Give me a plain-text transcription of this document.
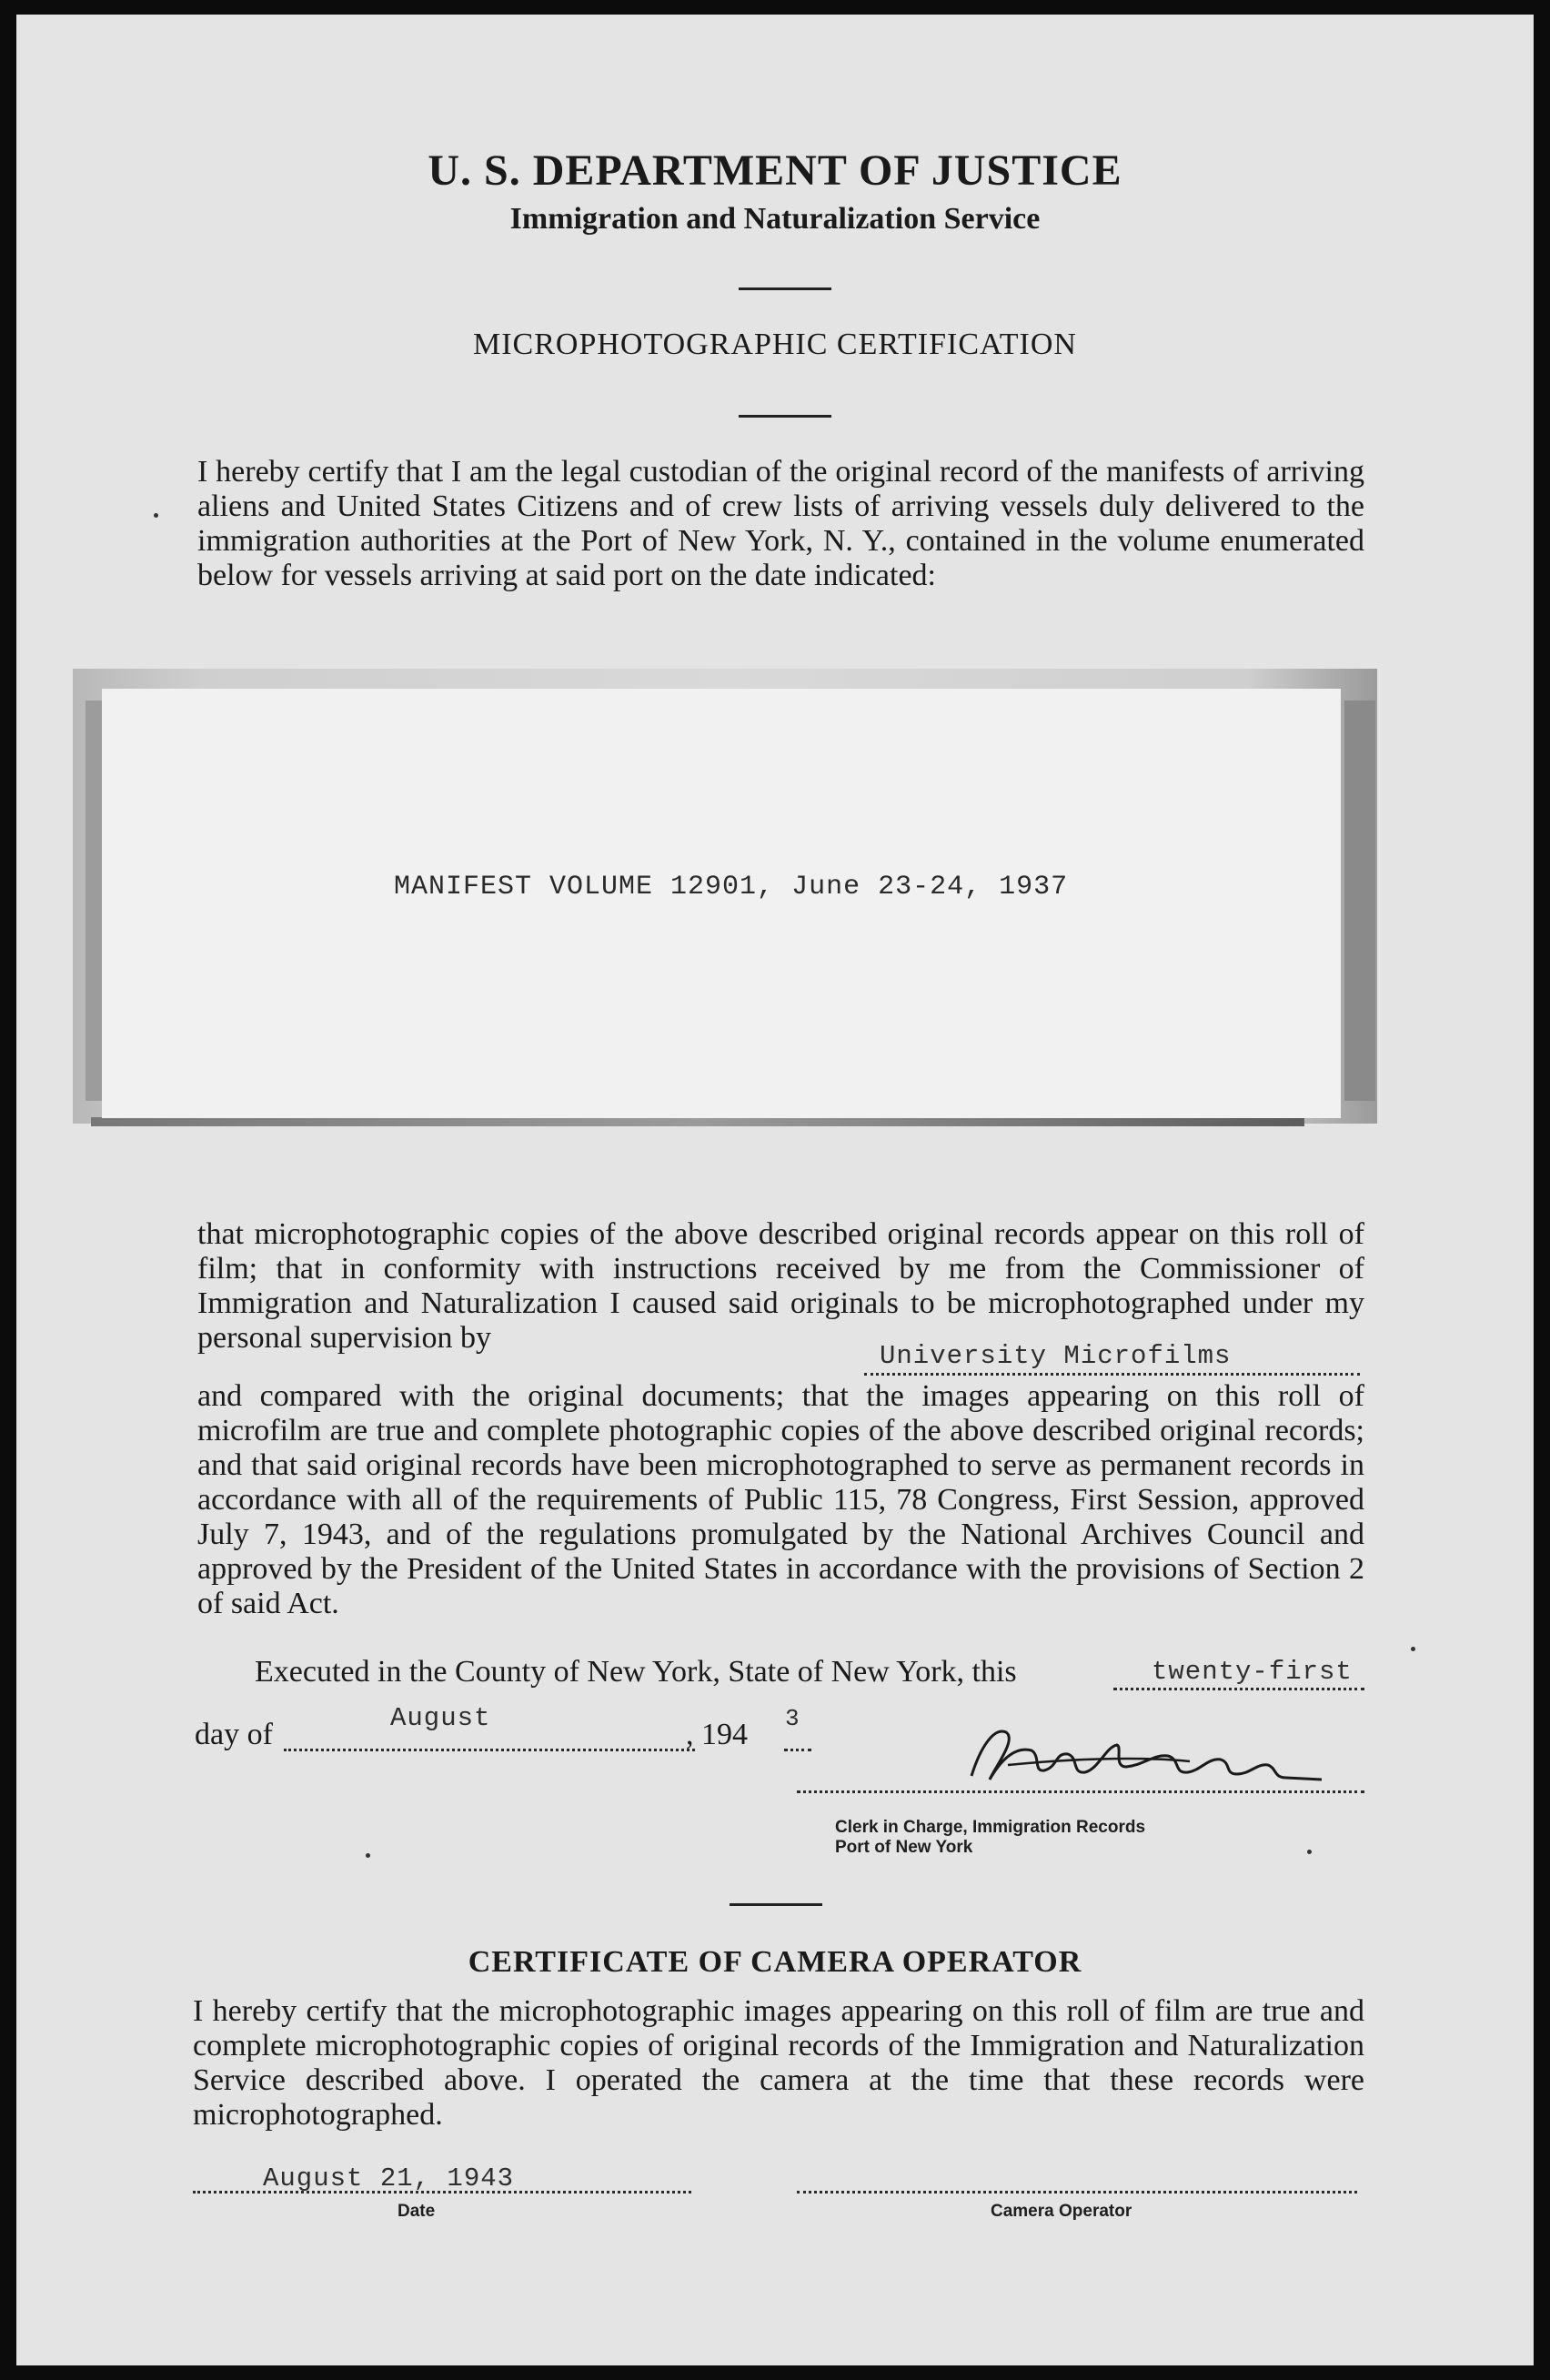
U. S. DEPARTMENT OF JUSTICE
Immigration and Naturalization Service
MICROPHOTOGRAPHIC CERTIFICATION
I hereby certify that I am the legal custodian of the original record of the manifests of arriving aliens and United States Citizens and of crew lists of arriving vessels duly delivered to the immigration authorities at the Port of New York, N. Y., contained in the volume enumerated below for vessels arriving at said port on the date indicated:
MANIFEST VOLUME 12901, June 23-24, 1937
that microphotographic copies of the above described original records appear on this roll of film; that in conformity with instructions received by me from the Commissioner of Immigration and Naturalization I caused said originals to be microphotographed under my personal supervision by
University Microfilms
and compared with the original documents; that the images appearing on this roll of microfilm are true and complete photographic copies of the above described original records; and that said original records have been microphotographed to serve as permanent records in accordance with all of the requirements of Public 115, 78 Congress, First Session, approved July 7, 1943, and of the regulations promulgated by the National Archives Council and approved by the President of the United States in accordance with the provisions of Section 2 of said Act.
Executed in the County of New York, State of New York, this	twenty-first
day of	August	, 194 3
Clerk in Charge, Immigration Records
Port of New York
CERTIFICATE OF CAMERA OPERATOR
I hereby certify that the microphotographic images appearing on this roll of film are true and complete microphotographic copies of original records of the Immigration and Naturalization Service described above. I operated the camera at the time that these records were microphotographed.
August 21, 1943
Date	Camera Operator
